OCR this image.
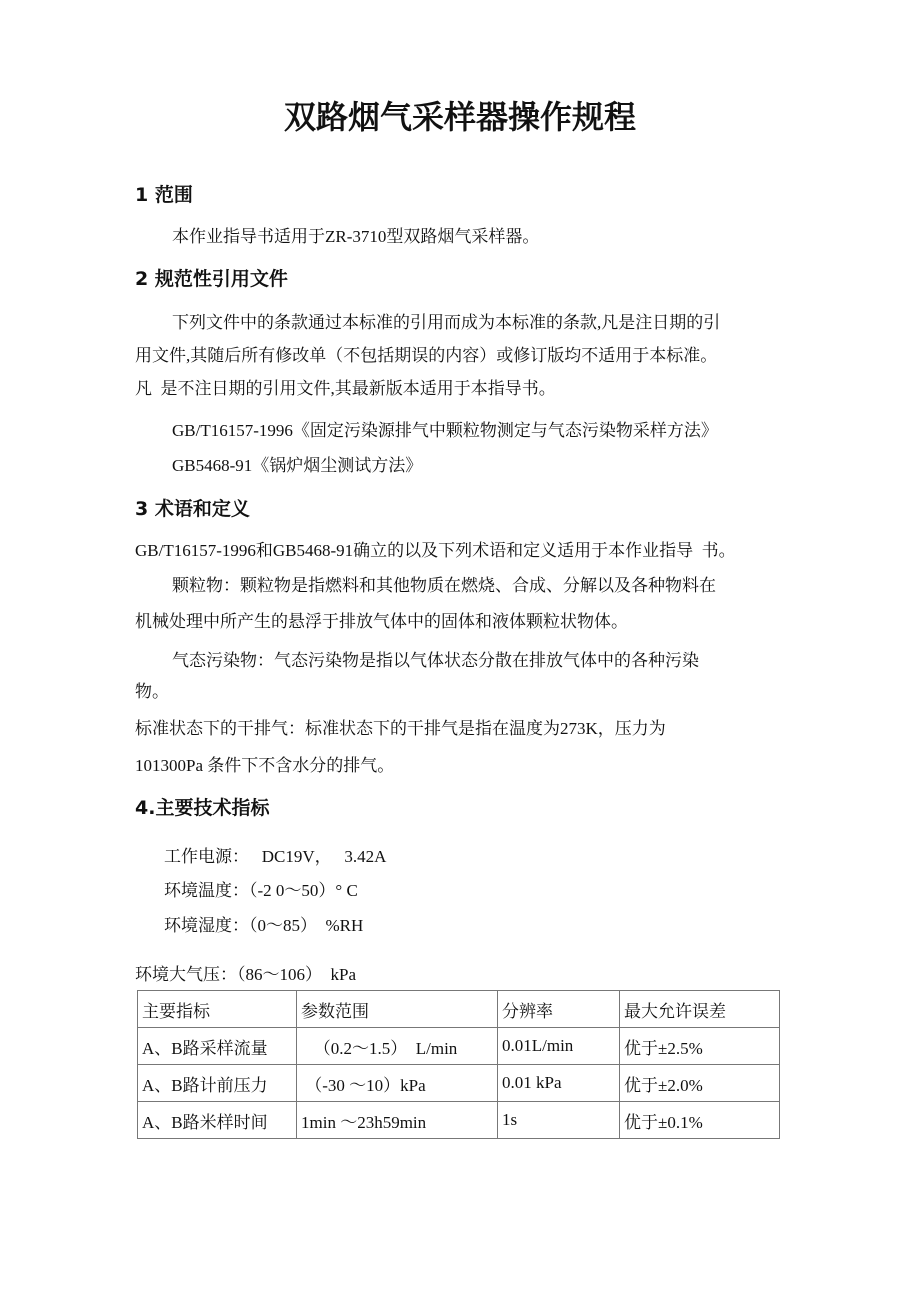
双路烟气采样器操作规程
1 范围
本作业指导书适用于ZR-3710型双路烟气采样器。
2 规范性引用文件
下列文件中的条款通过本标准的引用而成为本标准的条款,凡是注日期的引
用文件,其随后所有修改单（不包括期误的内容）或修订版均不适用于本标准。
凡  是不注日期的引用文件,其最新版本适用于本指导书。
GB/T16157-1996《固定污染源排气中颗粒物测定与气态污染物采样方法》
GB5468-91《锅炉烟尘测试方法》
3 术语和定义
GB/T16157-1996和GB5468-91确立的以及下列术语和定义适用于本作业指导  书。
颗粒物：颗粒物是指燃料和其他物质在燃烧、合成、分解以及各种物料在
机械处理中所产生的悬浮于排放气体中的固体和液体颗粒状物体。
气态污染物：气态污染物是指以气体状态分散在排放气体中的各种污染
物。
标准状态下的干排气：标准状态下的干排气是指在温度为273K，压力为
101300Pa 条件下不含水分的排气。
4.主要技术指标
工作电源：   DC19V，   3.42A
环境温度：（-2 0〜50）° C
环境湿度：（0〜85）  %RH
环境大气压：（86〜106）  kPa
主要指标	参数范围	分辨率	最大允许误差
A、B路采样流量	（0.2〜1.5）  L/min	0.01L/min	优于±2.5%
A、B路计前压力	（-30 〜10）kPa	0.01 kPa	优于±2.0%
A、B路米样时间	1min 〜23h59min	1s	优于±0.1%
